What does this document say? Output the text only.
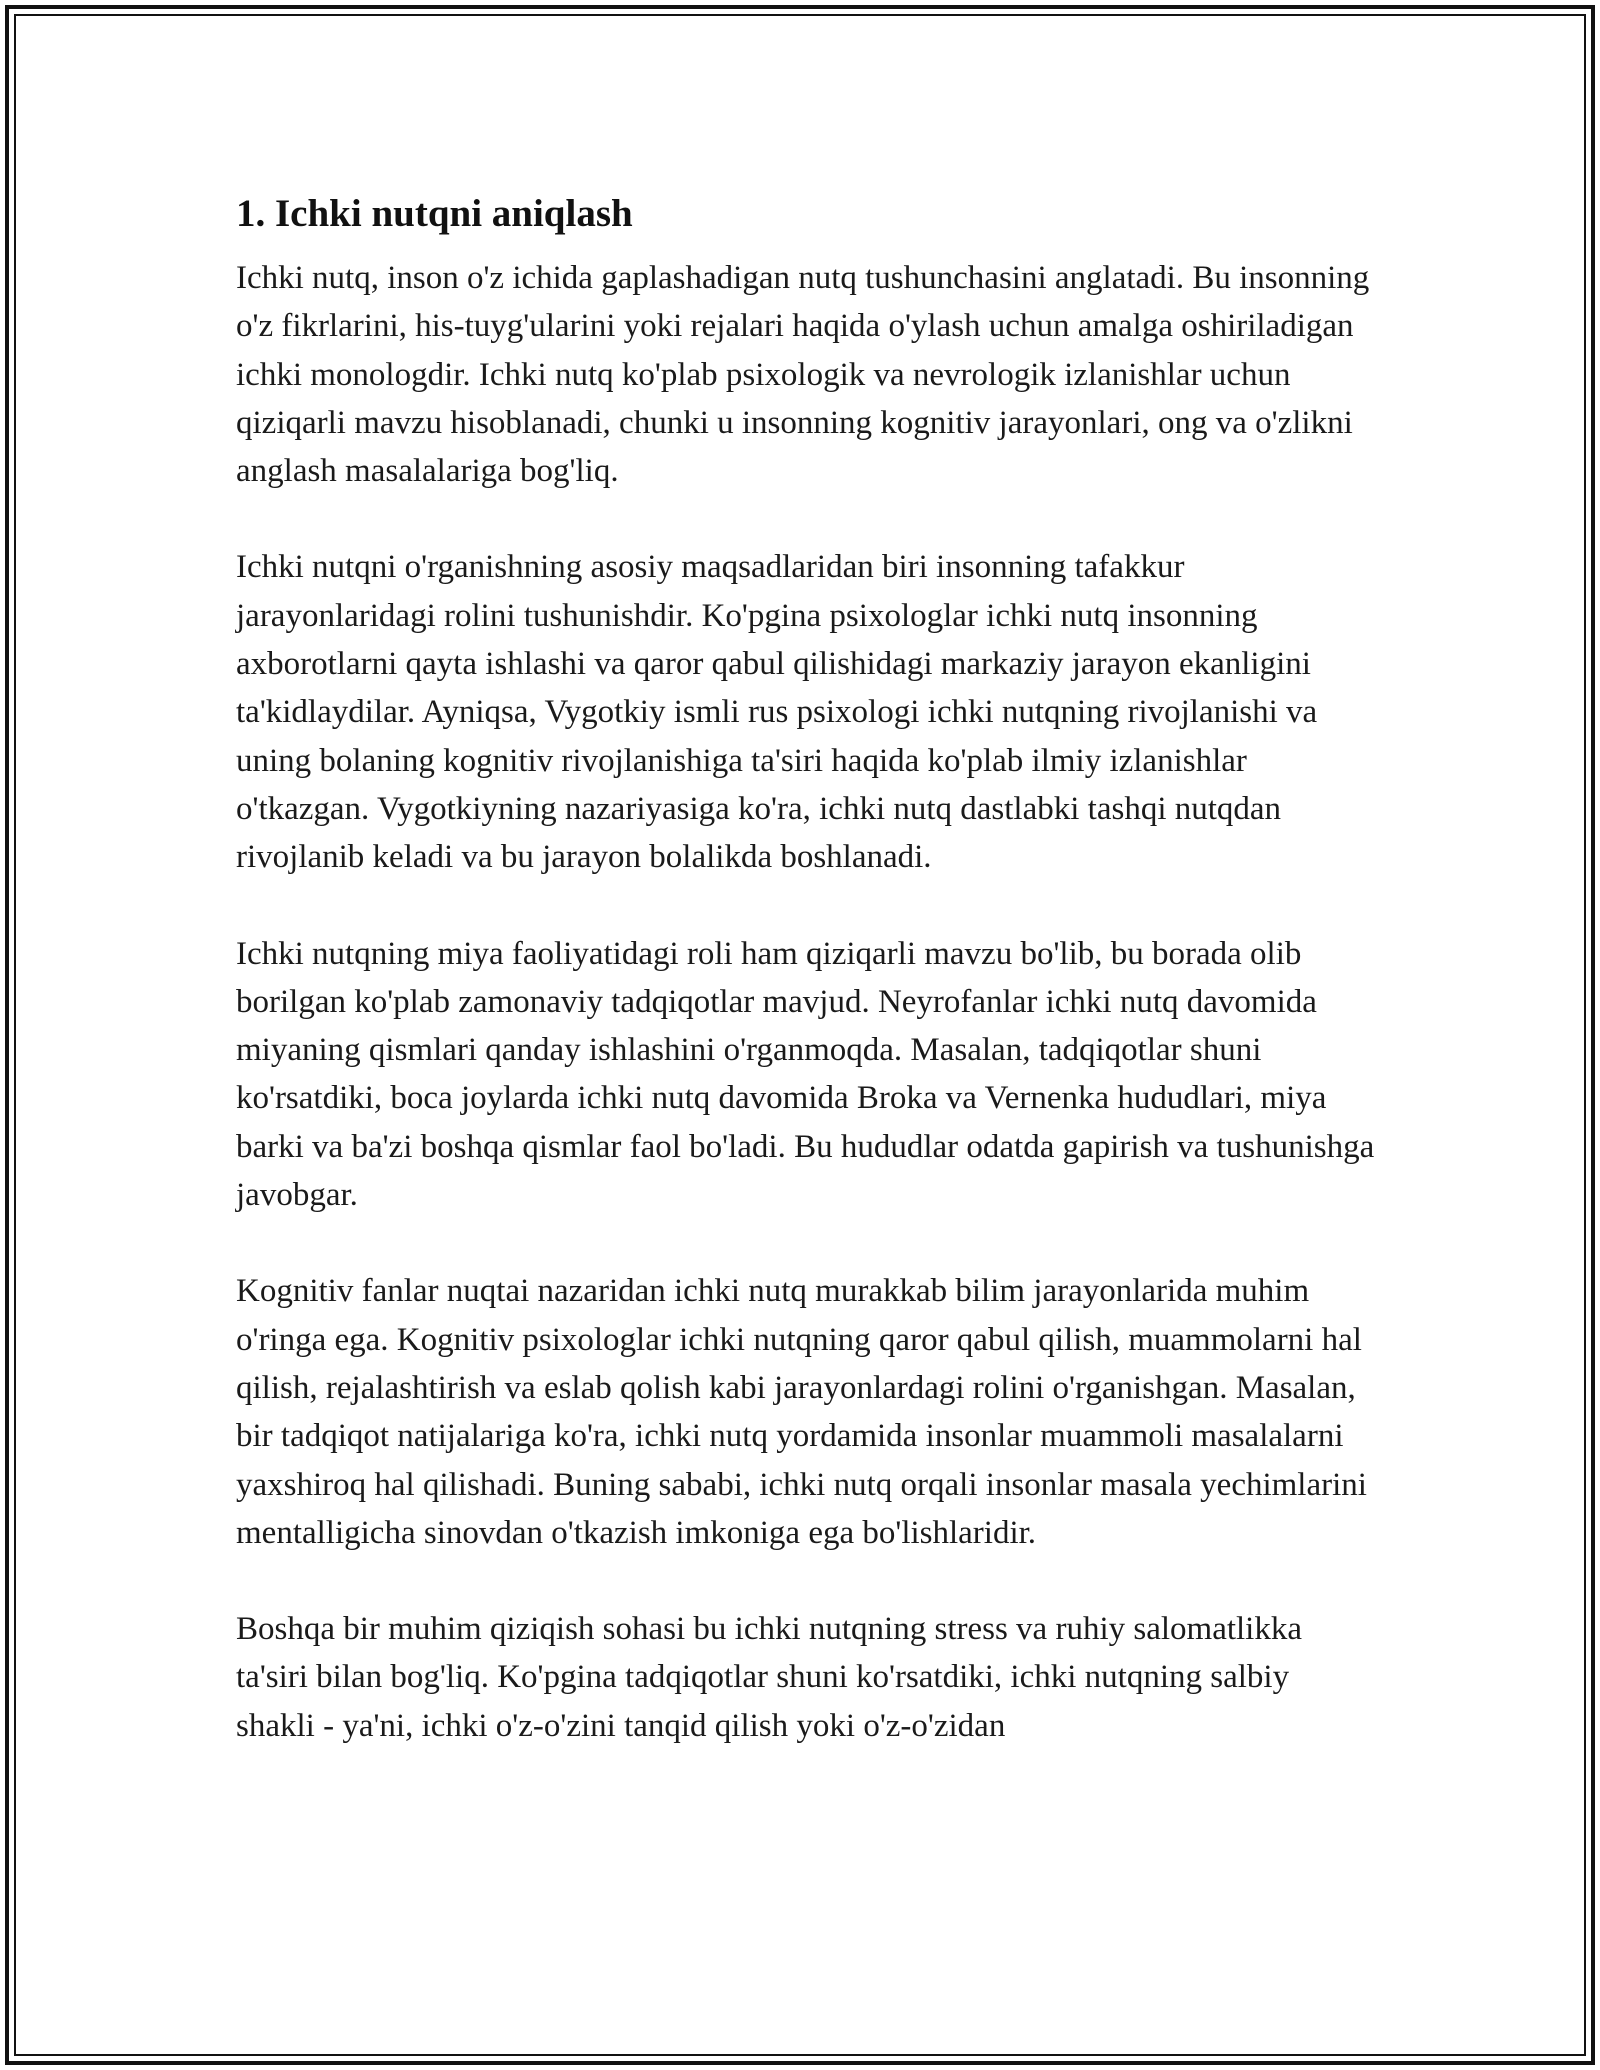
1. Ichki nutqni aniqlash

Ichki nutq, inson o'z ichida gaplashadigan nutq tushunchasini anglatadi. Bu insonning o'z fikrlarini, his-tuyg'ularini yoki rejalari haqida o'ylash uchun amalga oshiriladigan ichki monologdir. Ichki nutq ko'plab psixologik va nevrologik izlanishlar uchun qiziqarli mavzu hisoblanadi, chunki u insonning kognitiv jarayonlari, ong va o'zlikni anglash masalalariga bog'liq.

Ichki nutqni o'rganishning asosiy maqsadlaridan biri insonning tafakkur jarayonlaridagi rolini tushunishdir. Ko'pgina psixologlar ichki nutq insonning axborotlarni qayta ishlashi va qaror qabul qilishidagi markaziy jarayon ekanligini ta'kidlaydilar. Ayniqsa, Vygotkiy ismli rus psixologi ichki nutqning rivojlanishi va uning bolaning kognitiv rivojlanishiga ta'siri haqida ko'plab ilmiy izlanishlar o'tkazgan. Vygotkiyning nazariyasiga ko'ra, ichki nutq dastlabki tashqi nutqdan rivojlanib keladi va bu jarayon bolalikda boshlanadi.

Ichki nutqning miya faoliyatidagi roli ham qiziqarli mavzu bo'lib, bu borada olib borilgan ko'plab zamonaviy tadqiqotlar mavjud. Neyrofanlar ichki nutq davomida miyaning qismlari qanday ishlashini o'rganmoqda. Masalan, tadqiqotlar shuni ko'rsatdiki, boca joylarda ichki nutq davomida Broka va Vernenka hududlari, miya barki va ba'zi boshqa qismlar faol bo'ladi. Bu hududlar odatda gapirish va tushunishga javobgar.

Kognitiv fanlar nuqtai nazaridan ichki nutq murakkab bilim jarayonlarida muhim o'ringa ega. Kognitiv psixologlar ichki nutqning qaror qabul qilish, muammolarni hal qilish, rejalashtirish va eslab qolish kabi jarayonlardagi rolini o'rganishgan. Masalan, bir tadqiqot natijalariga ko'ra, ichki nutq yordamida insonlar muammoli masalalarni yaxshiroq hal qilishadi. Buning sababi, ichki nutq orqali insonlar masala yechimlarini mentalligicha sinovdan o'tkazish imkoniga ega bo'lishlaridir.

Boshqa bir muhim qiziqish sohasi bu ichki nutqning stress va ruhiy salomatlikka ta'siri bilan bog'liq. Ko'pgina tadqiqotlar shuni ko'rsatdiki, ichki nutqning salbiy shakli - ya'ni, ichki o'z-o'zini tanqid qilish yoki o'z-o'zidan
